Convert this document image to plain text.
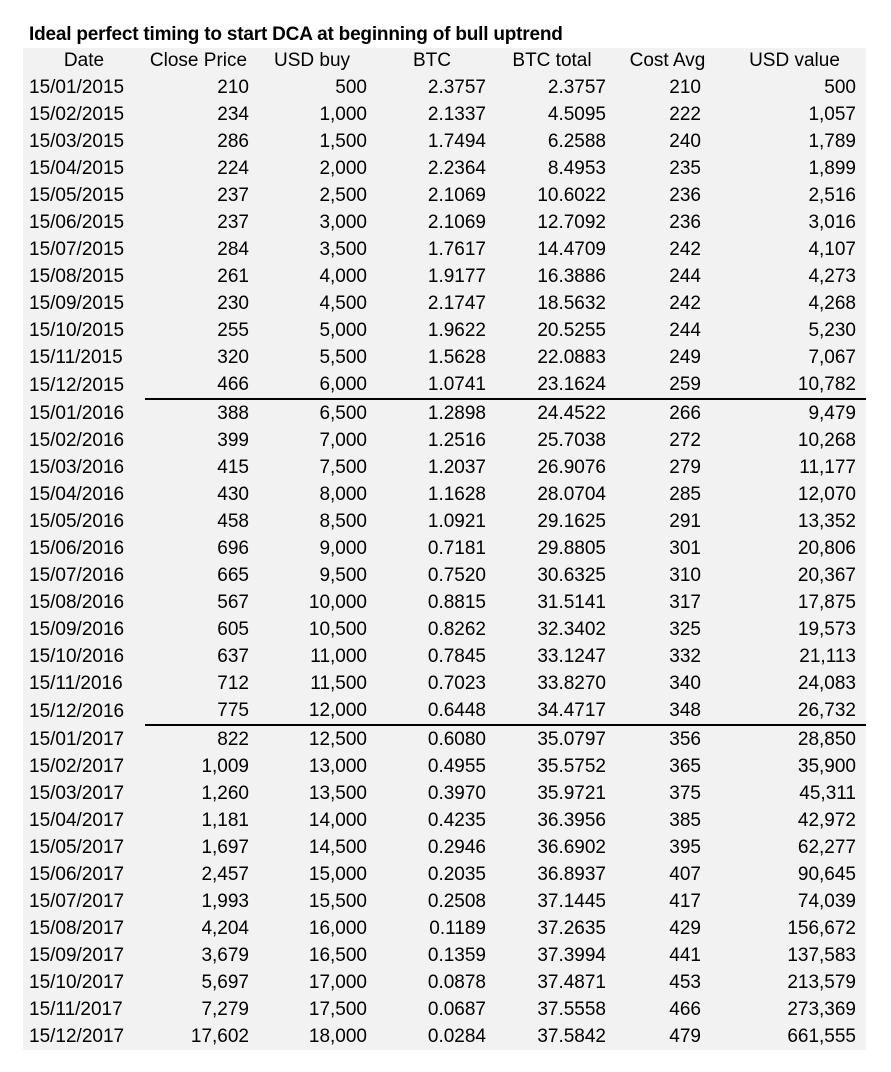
Ideal perfect timing to start DCA at beginning of bull uptrend
Date	Close Price	USD buy	BTC	BTC total	Cost Avg	USD value
15/01/2015	210	500	2.3757	2.3757	210	500
15/02/2015	234	1,000	2.1337	4.5095	222	1,057
15/03/2015	286	1,500	1.7494	6.2588	240	1,789
15/04/2015	224	2,000	2.2364	8.4953	235	1,899
15/05/2015	237	2,500	2.1069	10.6022	236	2,516
15/06/2015	237	3,000	2.1069	12.7092	236	3,016
15/07/2015	284	3,500	1.7617	14.4709	242	4,107
15/08/2015	261	4,000	1.9177	16.3886	244	4,273
15/09/2015	230	4,500	2.1747	18.5632	242	4,268
15/10/2015	255	5,000	1.9622	20.5255	244	5,230
15/11/2015	320	5,500	1.5628	22.0883	249	7,067
15/12/2015	466	6,000	1.0741	23.1624	259	10,782
15/01/2016	388	6,500	1.2898	24.4522	266	9,479
15/02/2016	399	7,000	1.2516	25.7038	272	10,268
15/03/2016	415	7,500	1.2037	26.9076	279	11,177
15/04/2016	430	8,000	1.1628	28.0704	285	12,070
15/05/2016	458	8,500	1.0921	29.1625	291	13,352
15/06/2016	696	9,000	0.7181	29.8805	301	20,806
15/07/2016	665	9,500	0.7520	30.6325	310	20,367
15/08/2016	567	10,000	0.8815	31.5141	317	17,875
15/09/2016	605	10,500	0.8262	32.3402	325	19,573
15/10/2016	637	11,000	0.7845	33.1247	332	21,113
15/11/2016	712	11,500	0.7023	33.8270	340	24,083
15/12/2016	775	12,000	0.6448	34.4717	348	26,732
15/01/2017	822	12,500	0.6080	35.0797	356	28,850
15/02/2017	1,009	13,000	0.4955	35.5752	365	35,900
15/03/2017	1,260	13,500	0.3970	35.9721	375	45,311
15/04/2017	1,181	14,000	0.4235	36.3956	385	42,972
15/05/2017	1,697	14,500	0.2946	36.6902	395	62,277
15/06/2017	2,457	15,000	0.2035	36.8937	407	90,645
15/07/2017	1,993	15,500	0.2508	37.1445	417	74,039
15/08/2017	4,204	16,000	0.1189	37.2635	429	156,672
15/09/2017	3,679	16,500	0.1359	37.3994	441	137,583
15/10/2017	5,697	17,000	0.0878	37.4871	453	213,579
15/11/2017	7,279	17,500	0.0687	37.5558	466	273,369
15/12/2017	17,602	18,000	0.0284	37.5842	479	661,555
